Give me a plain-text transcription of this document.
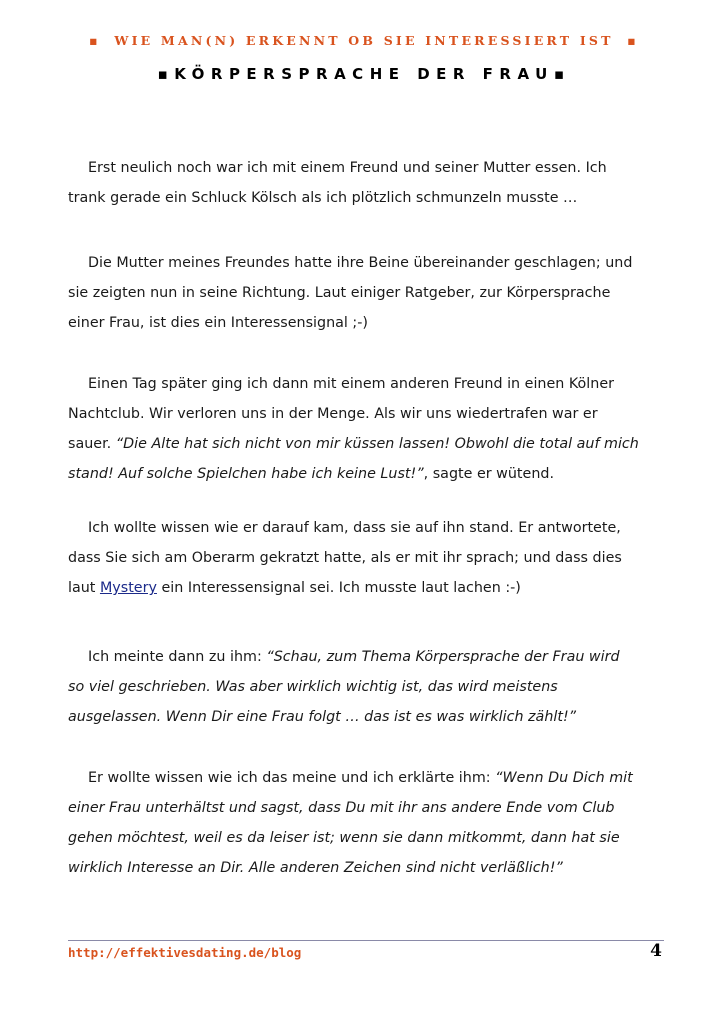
▪ WIE MAN(N) ERKENNT OB SIE INTERESSIERT IST ▪
▪KÖRPERSPRACHE DER FRAU▪
Erst neulich noch war ich mit einem Freund und seiner Mutter essen. Ich
trank gerade ein Schluck Kölsch als ich plötzlich schmunzeln musste …
Die Mutter meines Freundes hatte ihre Beine übereinander geschlagen; und
sie zeigten nun in seine Richtung. Laut einiger Ratgeber, zur Körpersprache
einer Frau, ist dies ein Interessensignal ;-)
Einen Tag später ging ich dann mit einem anderen Freund in einen Kölner
Nachtclub. Wir verloren uns in der Menge. Als wir uns wiedertrafen war er
sauer. “Die Alte hat sich nicht von mir küssen lassen! Obwohl die total auf mich
stand! Auf solche Spielchen habe ich keine Lust!”, sagte er wütend.
Ich wollte wissen wie er darauf kam, dass sie auf ihn stand. Er antwortete,
dass Sie sich am Oberarm gekratzt hatte, als er mit ihr sprach; und dass dies
laut Mystery ein Interessensignal sei. Ich musste laut lachen :-)
Ich meinte dann zu ihm: “Schau, zum Thema Körpersprache der Frau wird
so viel geschrieben. Was aber wirklich wichtig ist, das wird meistens
ausgelassen. Wenn Dir eine Frau folgt … das ist es was wirklich zählt!”
Er wollte wissen wie ich das meine und ich erklärte ihm: “Wenn Du Dich mit
einer Frau unterhältst und sagst, dass Du mit ihr ans andere Ende vom Club
gehen möchtest, weil es da leiser ist; wenn sie dann mitkommt, dann hat sie
wirklich Interesse an Dir. Alle anderen Zeichen sind nicht verläßlich!”
http://effektivesdating.de/blog	4
